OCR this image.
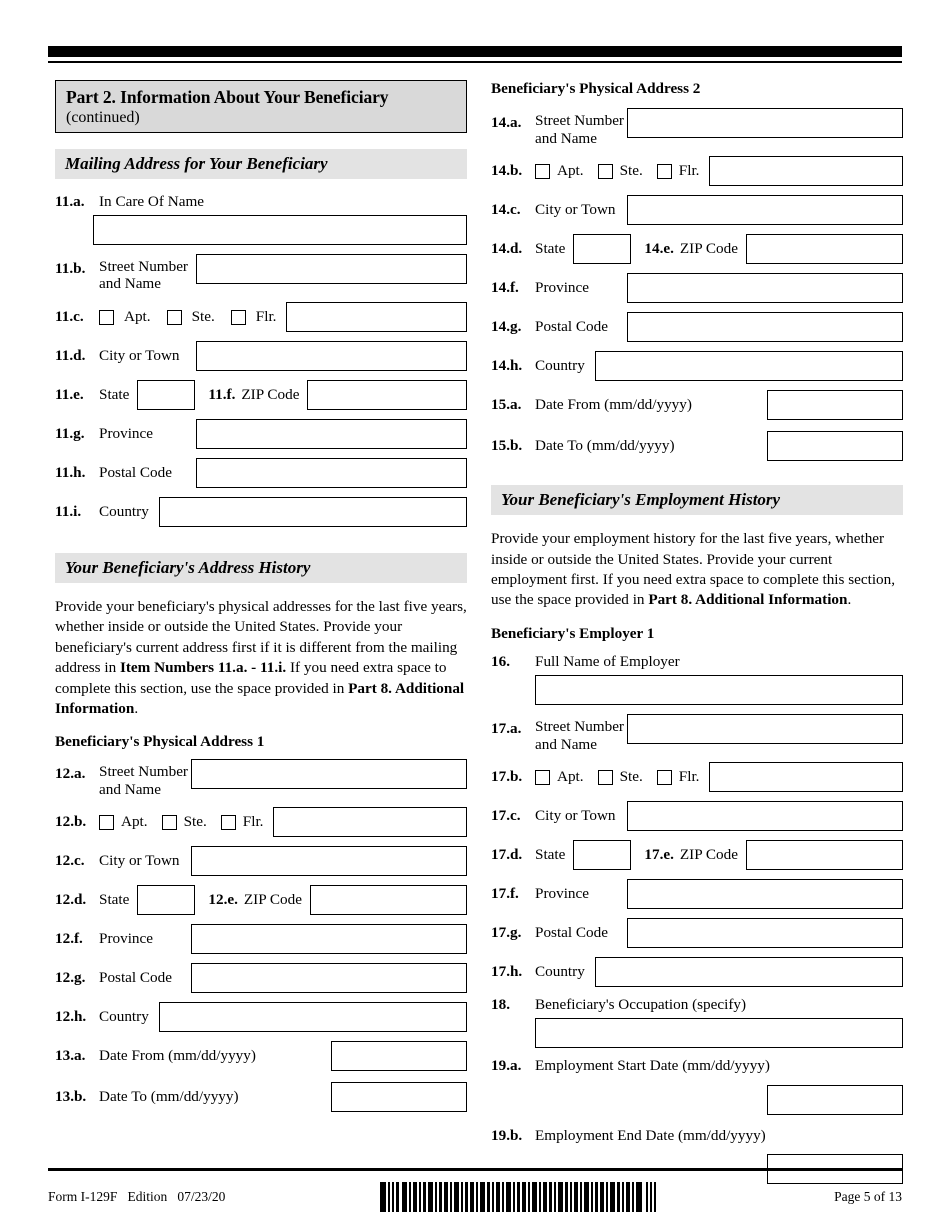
Part 2. Information About Your Beneficiary
(continued)
Mailing Address for Your Beneficiary
11.a. In Care Of Name
11.b. Street Number
and Name
11.c.	Apt.	Ste.	Flr.
11.d. City or Town
11.e.	State	11.f. ZIP Code
11.g. Province
11.h. Postal Code
11.i.	Country
Your Beneficiary's Address History

Provide your beneficiary's physical addresses for the last five years, whether inside or outside the United States. Provide your beneficiary's current address first if it is different from the mailing address in Item Numbers 11.a. - 11.i. If you need extra space to complete this section, use the space provided in Part 8. Additional Information.

Beneficiary's Physical Address 1
12.a. Street Number
and Name
12.b.	Apt. Ste. Flr.
12.c. City or Town
12.d. State	12.e. ZIP Code
12.f.	Province
12.g. Postal Code
12.h. Country
13.a. Date From (mm/dd/yyyy)
13.b. Date To (mm/dd/yyyy)
Beneficiary's Physical Address 2
14.a. Street Number
and Name
14.b.	Apt. Ste. Flr.
14.c. City or Town
14.d. State	14.e. ZIP Code
14.f.	Province
14.g. Postal Code
14.h. Country
15.a. Date From (mm/dd/yyyy)
15.b. Date To (mm/dd/yyyy)
Your Beneficiary's Employment History

Provide your employment history for the last five years, whether inside or outside the United States. Provide your current employment first. If you need extra space to complete this section, use the space provided in Part 8. Additional Information.

Beneficiary's Employer 1
16.	Full Name of Employer
17.a. Street Number
and Name
17.b.	Apt. Ste. Flr.
17.c. City or Town
17.d. State	17.e. ZIP Code
17.f.	Province
17.g. Postal Code
17.h. Country
18.	Beneficiary's Occupation (specify)
19.a. Employment Start Date (mm/dd/yyyy)
19.b. Employment End Date (mm/dd/yyyy)
Form I-129F   Edition   07/23/20	Page 5 of 13
